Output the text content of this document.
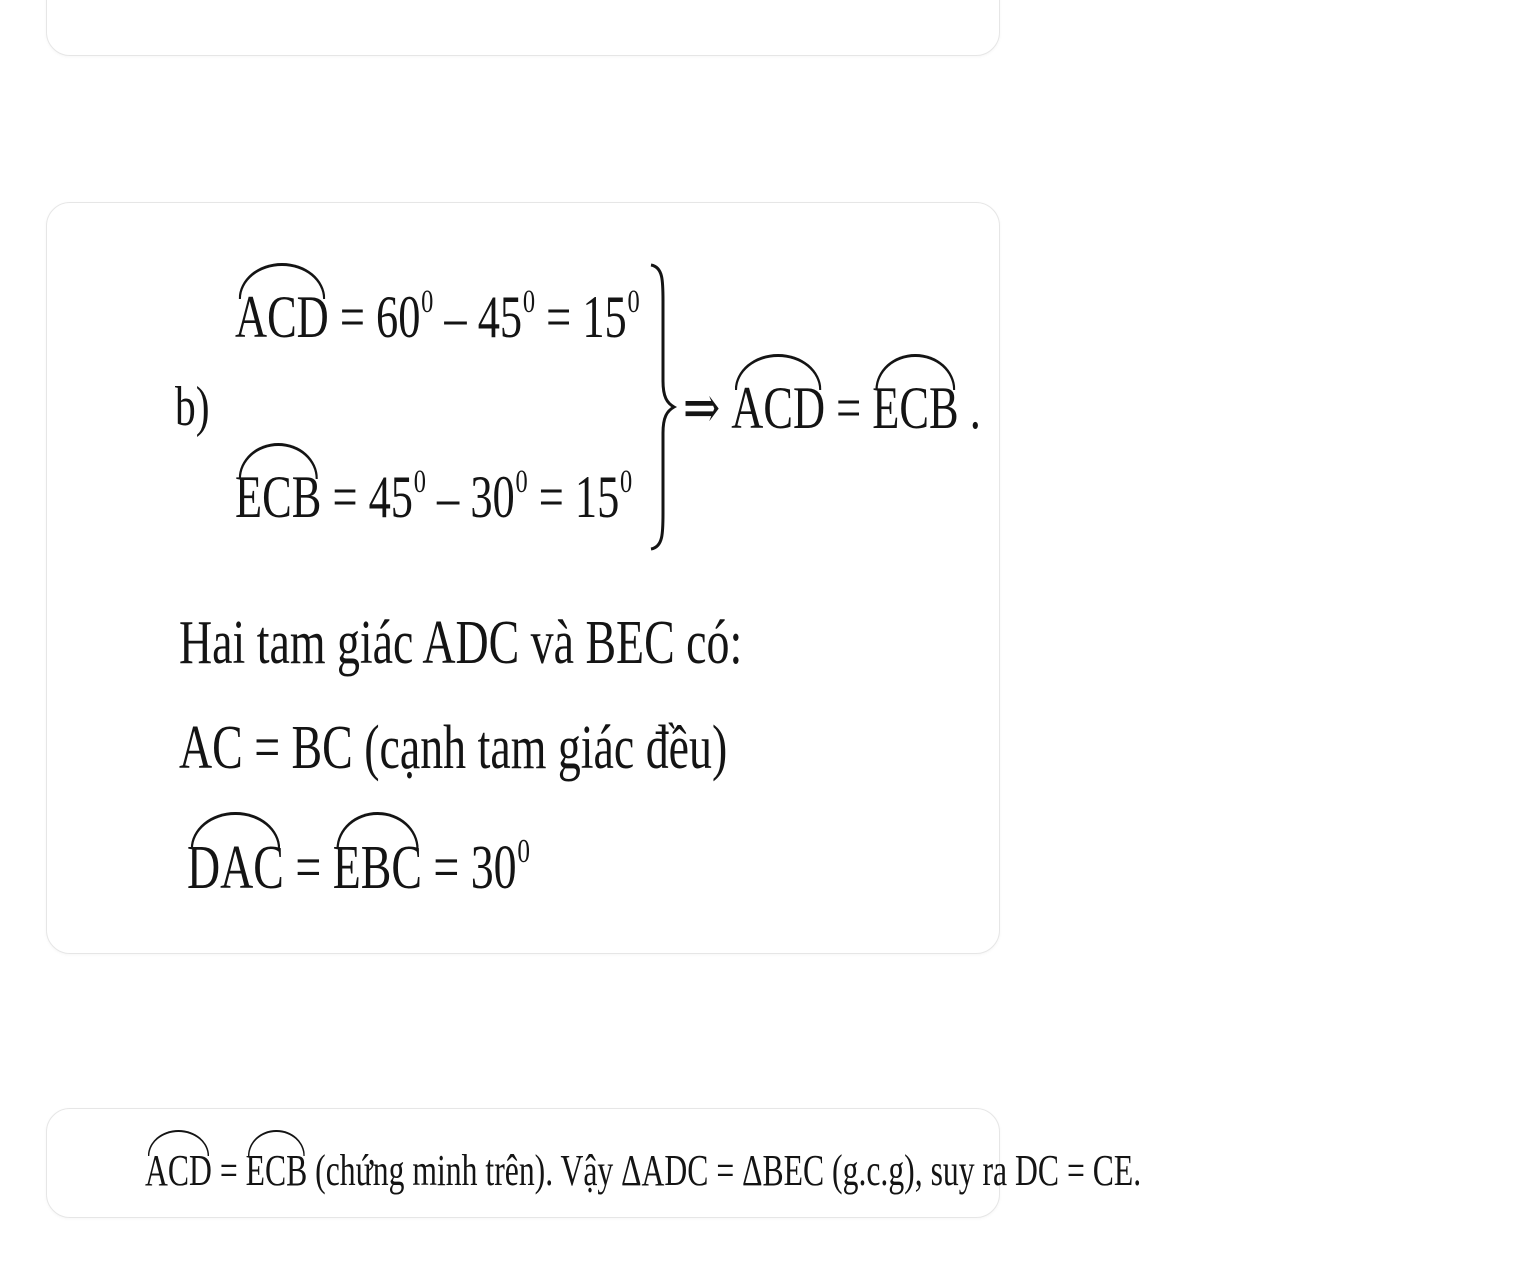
b)
ACD = $60^0 - 45^0 = 15^0$
ECB = $45^0 - 30^0 = 15^0$
⇒ ACD = ECB .
Hai tam giác ADC và BEC có:
AC = BC (cạnh tam giác đều)
DAC = EBC = $30^0$
ACD = ECB (chứng minh trên). Vậy ΔADC = ΔBEC (g.c.g), suy ra DC = CE.
